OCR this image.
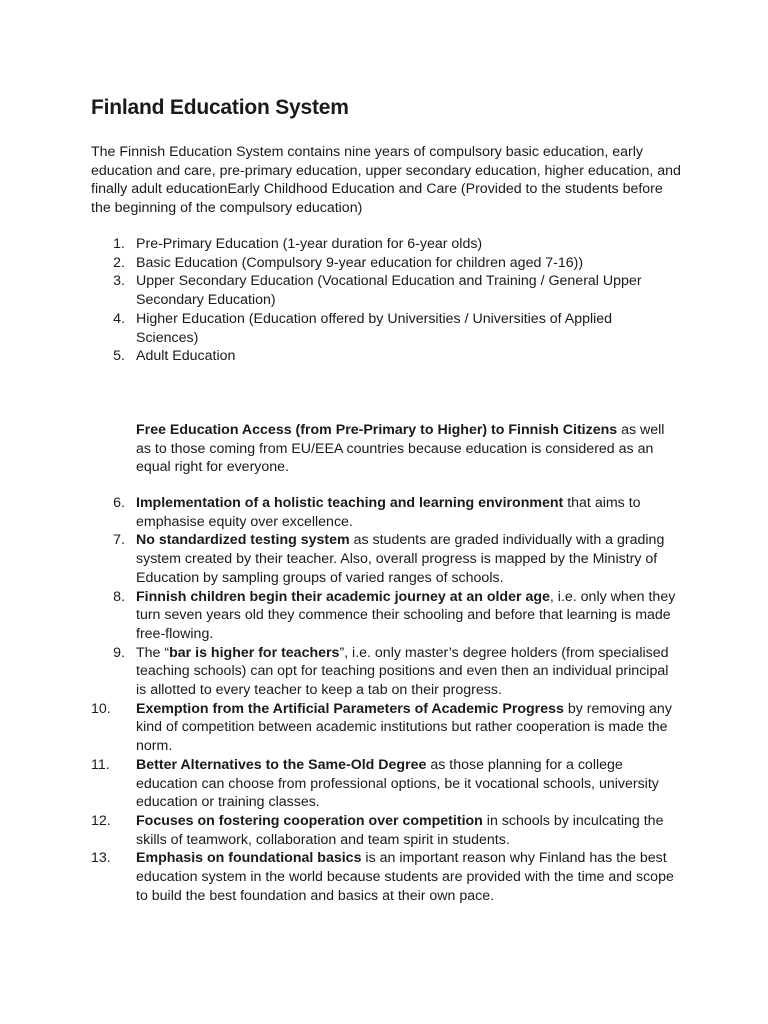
Finland Education System

The Finnish Education System contains nine years of compulsory basic education, early education and care, pre-primary education, upper secondary education, higher education, and finally adult educationEarly Childhood Education and Care (Provided to the students before the beginning of the compulsory education)

1. Pre-Primary Education (1-year duration for 6-year olds)
2. Basic Education (Compulsory 9-year education for children aged 7-16))
3. Upper Secondary Education (Vocational Education and Training / General Upper Secondary Education)
4. Higher Education (Education offered by Universities / Universities of Applied Sciences)
5. Adult Education

Free Education Access (from Pre-Primary to Higher) to Finnish Citizens as well as to those coming from EU/EEA countries because education is considered as an equal right for everyone.

6. Implementation of a holistic teaching and learning environment that aims to emphasise equity over excellence.
7. No standardized testing system as students are graded individually with a grading system created by their teacher. Also, overall progress is mapped by the Ministry of Education by sampling groups of varied ranges of schools.
8. Finnish children begin their academic journey at an older age, i.e. only when they turn seven years old they commence their schooling and before that learning is made free-flowing.
9. The “bar is higher for teachers”, i.e. only master’s degree holders (from specialised teaching schools) can opt for teaching positions and even then an individual principal is allotted to every teacher to keep a tab on their progress.
10.	Exemption from the Artificial Parameters of Academic Progress by removing any kind of competition between academic institutions but rather cooperation is made the norm.
11.	Better Alternatives to the Same-Old Degree as those planning for a college education can choose from professional options, be it vocational schools, university education or training classes.
12.	Focuses on fostering cooperation over competition in schools by inculcating the skills of teamwork, collaboration and team spirit in students.
13.	Emphasis on foundational basics is an important reason why Finland has the best education system in the world because students are provided with the time and scope to build the best foundation and basics at their own pace.
